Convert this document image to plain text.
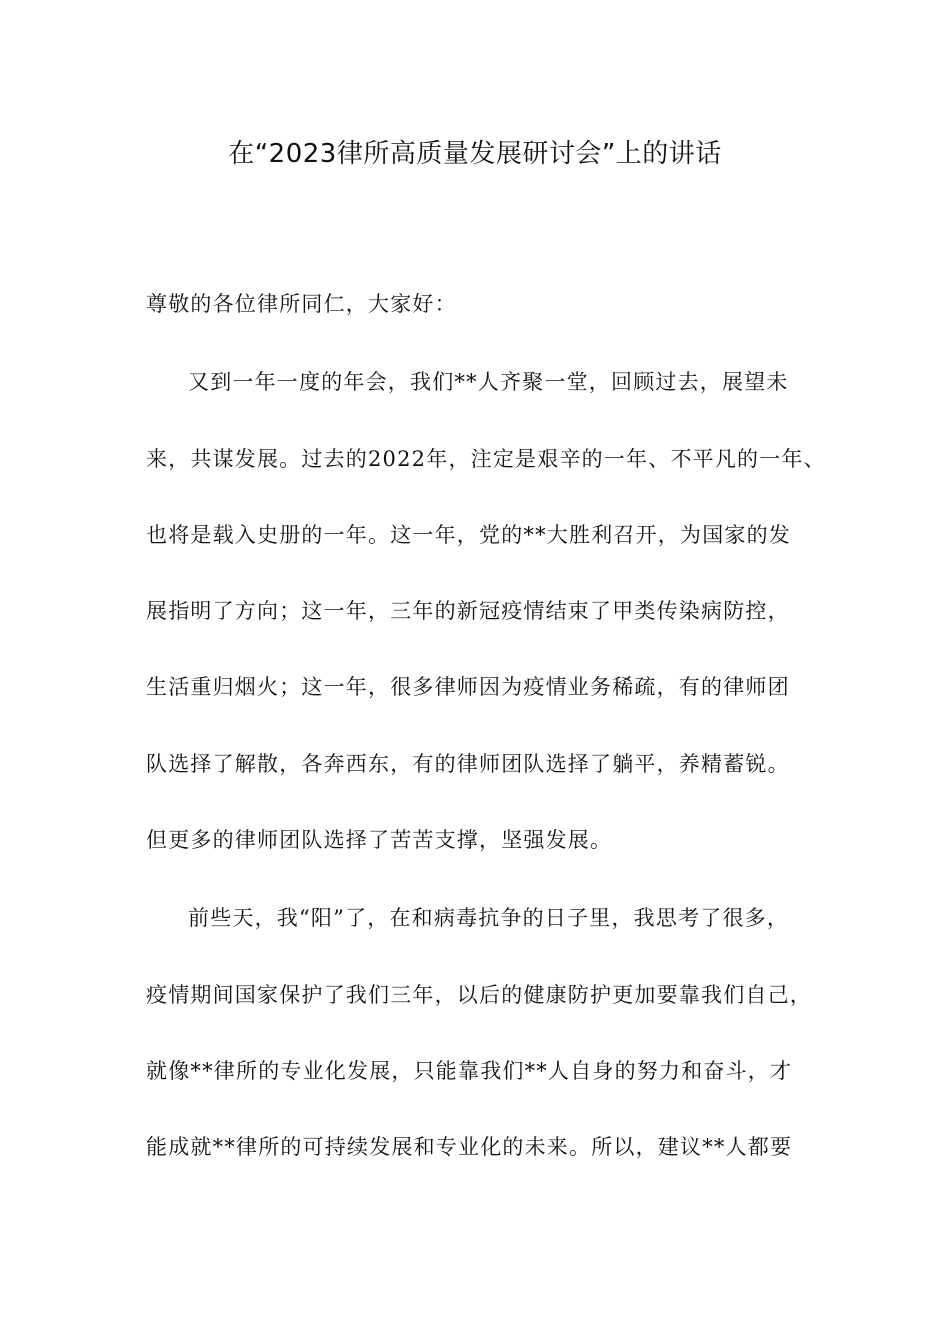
在“2023律所高质量发展研讨会”上的讲话
尊敬的各位律所同仁，大家好：
又到一年一度的年会，我们**人齐聚一堂，回顾过去，展望未
来，共谋发展。过去的2022年，注定是艰辛的一年、不平凡的一年、
也将是载入史册的一年。这一年，党的**大胜利召开，为国家的发
展指明了方向；这一年，三年的新冠疫情结束了甲类传染病防控，
生活重归烟火；这一年，很多律师因为疫情业务稀疏，有的律师团
队选择了解散，各奔西东，有的律师团队选择了躺平，养精蓄锐。
但更多的律师团队选择了苦苦支撑，坚强发展。
前些天，我“阳”了，在和病毒抗争的日子里，我思考了很多，
疫情期间国家保护了我们三年，以后的健康防护更加要靠我们自己，
就像**律所的专业化发展，只能靠我们**人自身的努力和奋斗，才
能成就**律所的可持续发展和专业化的未来。所以，建议**人都要
